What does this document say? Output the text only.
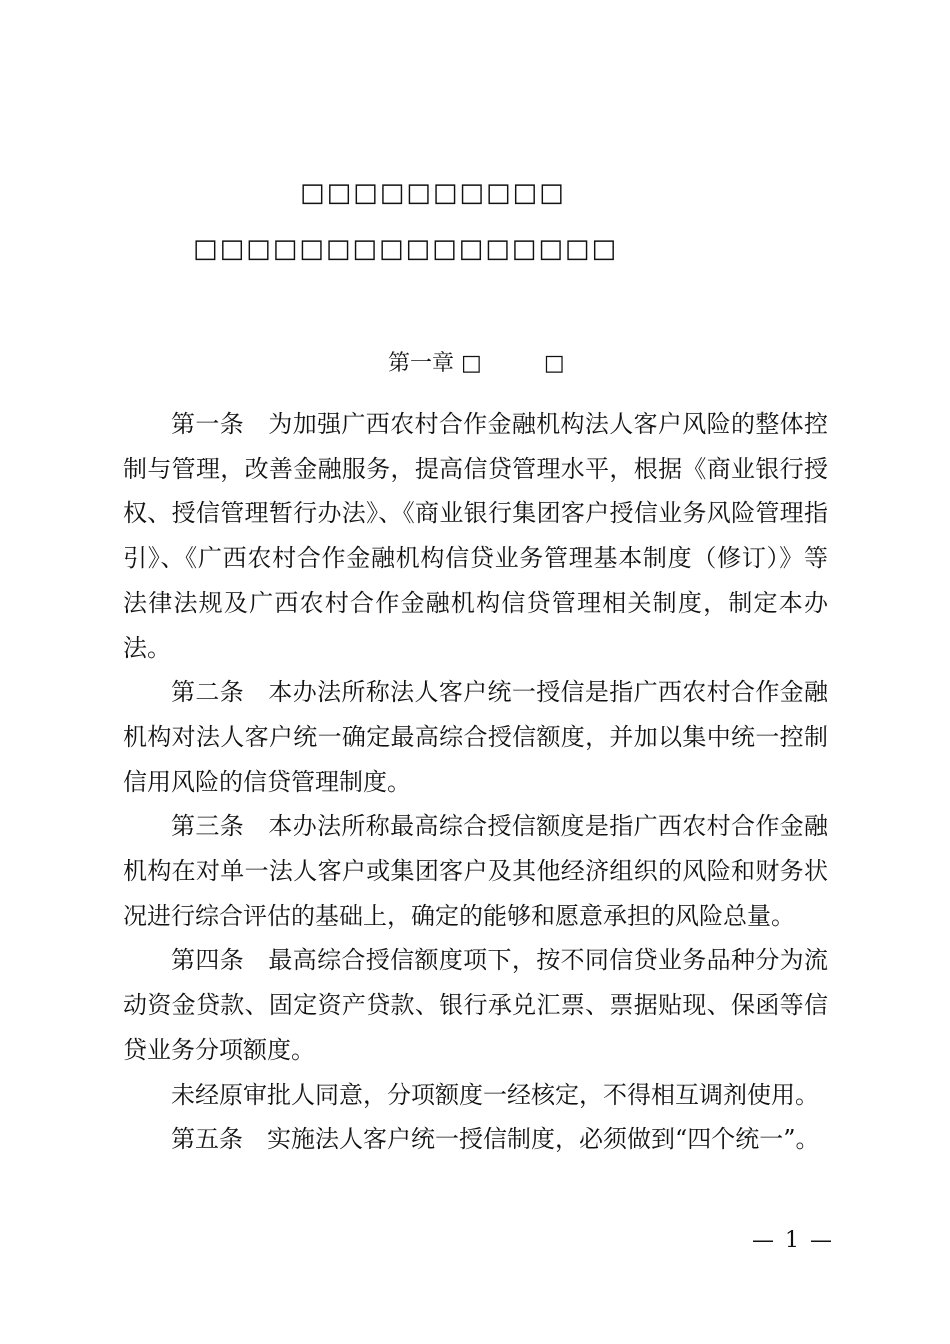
□□□□□□□□□□
□□□□□□□□□□□□□□□□
第一章 □	□

第一条  为加强广西农村合作金融机构法人客户风险的整体控制与管理，改善金融服务，提高信贷管理水平，根据《商业银行授权、授信管理暂行办法》、《商业银行集团客户授信业务风险管理指引》、《广西农村合作金融机构信贷业务管理基本制度（修订）》等法律法规及广西农村合作金融机构信贷管理相关制度，制定本办法。

第二条  本办法所称法人客户统一授信是指广西农村合作金融机构对法人客户统一确定最高综合授信额度，并加以集中统一控制信用风险的信贷管理制度。

第三条  本办法所称最高综合授信额度是指广西农村合作金融机构在对单一法人客户或集团客户及其他经济组织的风险和财务状况进行综合评估的基础上，确定的能够和愿意承担的风险总量。

第四条  最高综合授信额度项下，按不同信贷业务品种分为流动资金贷款、固定资产贷款、银行承兑汇票、票据贴现、保函等信贷业务分项额度。

未经原审批人同意，分项额度一经核定，不得相互调剂使用。

第五条  实施法人客户统一授信制度，必须做到“四个统一”。

— 1 —
